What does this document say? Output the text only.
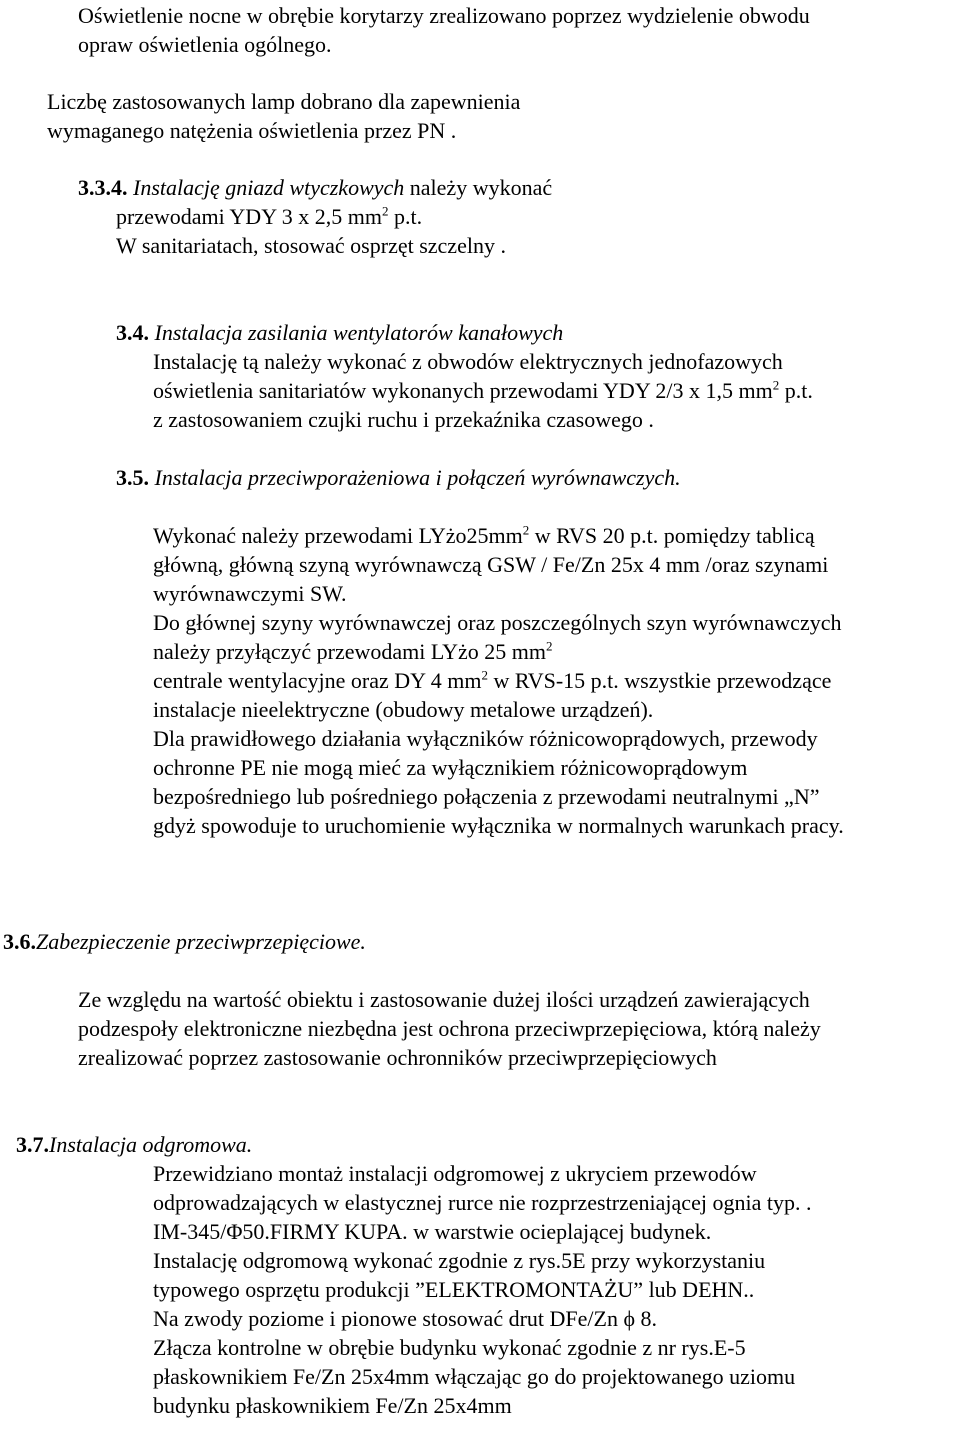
Oświetlenie nocne w obrębie korytarzy zrealizowano poprzez wydzielenie obwodu
opraw oświetlenia ogólnego.
Liczbę zastosowanych lamp dobrano dla zapewnienia
wymaganego natężenia oświetlenia przez PN .
3.3.4. Instalację gniazd wtyczkowych należy wykonać
przewodami YDY 3 x 2,5 $mm^2$ p.t.
W sanitariatach, stosować osprzęt szczelny .
3.4. Instalacja zasilania wentylatorów kanałowych
Instalację tą należy wykonać z obwodów elektrycznych jednofazowych
oświetlenia sanitariatów wykonanych przewodami YDY 2/3 x 1,5 $mm^2$ p.t.
z zastosowaniem czujki ruchu i przekaźnika czasowego .
3.5. Instalacja przeciwporażeniowa i połączeń wyrównawczych.
Wykonać należy przewodami $LYżo25mm^2$ w RVS 20 p.t. pomiędzy tablicą
główną, główną szyną wyrównawczą GSW / Fe/Zn 25x 4 mm /oraz szynami
wyrównawczymi SW.
Do głównej szyny wyrównawczej oraz poszczególnych szyn wyrównawczych
należy przyłączyć przewodami LYżo 25 $mm^2$
centrale wentylacyjne oraz DY 4 $mm^2$ w RVS-15 p.t. wszystkie przewodzące
instalacje nieelektryczne (obudowy metalowe urządzeń).
Dla prawidłowego działania wyłączników różnicowoprądowych, przewody
ochronne PE nie mogą mieć za wyłącznikiem różnicowoprądowym
bezpośredniego lub pośredniego połączenia z przewodami neutralnymi „N”
gdyż spowoduje to uruchomienie wyłącznika w normalnych warunkach pracy.
3.6.Zabezpieczenie przeciwprzepięciowe.
Ze względu na wartość obiektu i zastosowanie dużej ilości urządzeń zawierających
podzespoły elektroniczne niezbędna jest ochrona przeciwprzepięciowa, którą należy
zrealizować poprzez zastosowanie ochronników przeciwprzepięciowych
3.7.Instalacja odgromowa.
Przewidziano montaż instalacji odgromowej z ukryciem przewodów
odprowadzających w elastycznej rurce nie rozprzestrzeniającej ognia typ. .
IM-345/Φ50.FIRMY KUPA. w warstwie ocieplającej budynek.
Instalację odgromową wykonać zgodnie z rys.5E przy wykorzystaniu
typowego osprzętu produkcji ”ELEKTROMONTAŻU” lub DEHN..
Na zwody poziome i pionowe stosować drut DFe/Zn ϕ 8.
Złącza kontrolne w obrębie budynku wykonać zgodnie z nr rys.E-5
płaskownikiem Fe/Zn 25x4mm włączając go do projektowanego uziomu
budynku płaskownikiem Fe/Zn 25x4mm
